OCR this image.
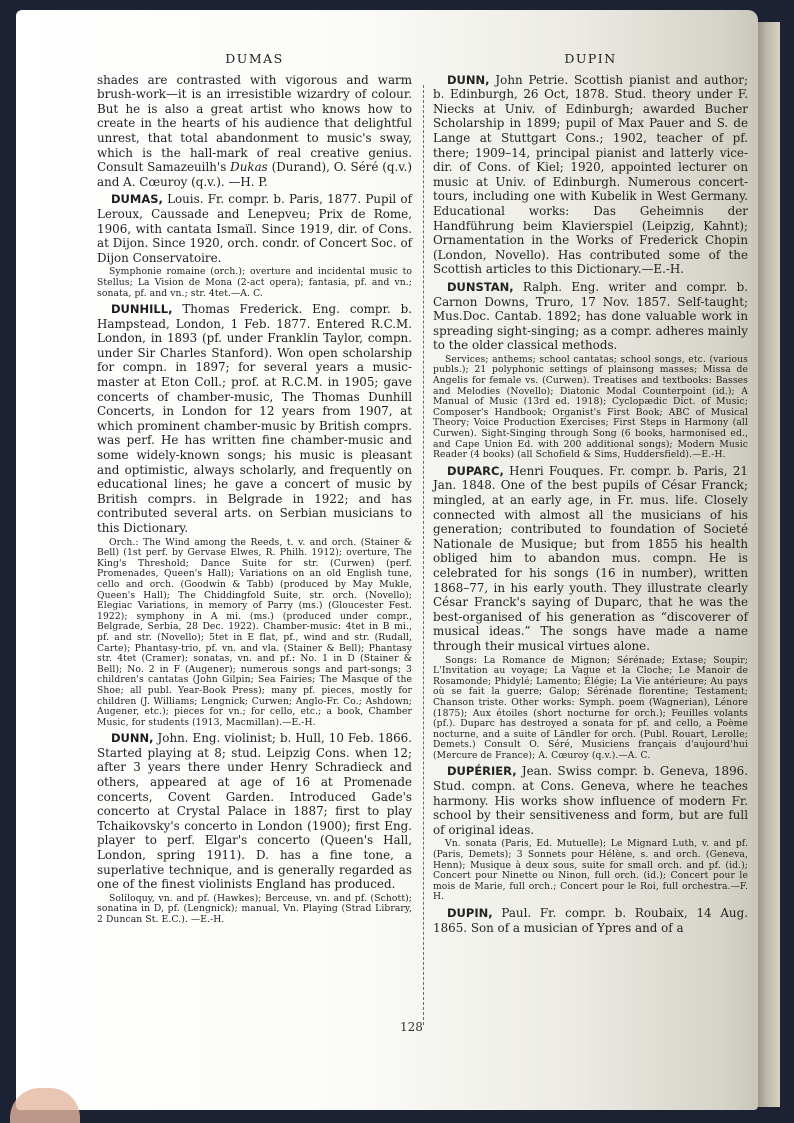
DUMAS

shades are contrasted with vigorous and warm brush-work—it is an irresistible wizardry of colour. But he is also a great artist who knows how to create in the hearts of his audience that delightful unrest, that total abandonment to music's sway, which is the hall-mark of real creative genius. Consult Samazeuilh's Dukas (Durand), O. Séré (q.v.) and A. Cœuroy (q.v.). —H. P.

DUMAS, Louis. Fr. compr. b. Paris, 1877. Pupil of Leroux, Caussade and Lenepveu; Prix de Rome, 1906, with cantata Ismaïl. Since 1919, dir. of Cons. at Dijon. Since 1920, orch. condr. of Concert Soc. of Dijon Conservatoire.

Symphonie romaine (orch.); overture and incidental music to Stellus; La Vision de Mona (2-act opera); fantasia, pf. and vn.; sonata, pf. and vn.; str. 4tet.—A. C.

DUNHILL, Thomas Frederick. Eng. compr. b. Hampstead, London, 1 Feb. 1877. Entered R.C.M. London, in 1893 (pf. under Franklin Taylor, compn. under Sir Charles Stanford). Won open scholarship for compn. in 1897; for several years a music-master at Eton Coll.; prof. at R.C.M. in 1905; gave concerts of chamber-music, The Thomas Dunhill Concerts, in London for 12 years from 1907, at which prominent chamber-music by British comprs. was perf. He has written fine chamber-music and some widely-known songs; his music is pleasant and optimistic, always scholarly, and frequently on educational lines; he gave a concert of music by British comprs. in Belgrade in 1922; and has contributed several arts. on Serbian musicians to this Dictionary.

Orch.: The Wind among the Reeds, t. v. and orch. (Stainer & Bell) (1st perf. by Gervase Elwes, R. Philh. 1912); overture, The King's Threshold; Dance Suite for str. (Curwen) (perf. Promenades, Queen's Hall); Variations on an old English tune, cello and orch. (Goodwin & Tabb) (produced by May Mukle, Queen's Hall); The Chiddingfold Suite, str. orch. (Novello); Elegiac Variations, in memory of Parry (ms.) (Gloucester Fest. 1922); symphony in A mi. (ms.) (produced under compr., Belgrade, Serbia, 28 Dec. 1922). Chamber-music: 4tet in B mi., pf. and str. (Novello); 5tet in E flat, pf., wind and str. (Rudall, Carte); Phantasy-trio, pf. vn. and vla. (Stainer & Bell); Phantasy str. 4tet (Cramer); sonatas, vn. and pf.: No. 1 in D (Stainer & Bell); No. 2 in F (Augener); numerous songs and part-songs; 3 children's cantatas (John Gilpin; Sea Fairies; The Masque of the Shoe; all publ. Year-Book Press); many pf. pieces, mostly for children (J. Williams; Lengnick; Curwen; Anglo-Fr. Co.; Ashdown; Augener, etc.); pieces for vn.; for cello, etc.; a book, Chamber Music, for students (1913, Macmillan).—E.-H.

DUNN, John. Eng. violinist; b. Hull, 10 Feb. 1866. Started playing at 8; stud. Leipzig Cons. when 12; after 3 years there under Henry Schradieck and others, appeared at age of 16 at Promenade concerts, Covent Garden. Introduced Gade's concerto at Crystal Palace in 1887; first to play Tchaikovsky's concerto in London (1900); first Eng. player to perf. Elgar's concerto (Queen's Hall, London, spring 1911). D. has a fine tone, a superlative technique, and is generally regarded as one of the finest violinists England has produced.

Soliloquy, vn. and pf. (Hawkes); Berceuse, vn. and pf. (Schott); sonatina in D, pf. (Lengnick); manual, Vn. Playing (Strad Library, 2 Duncan St. E.C.). —E.-H.

DUPIN

DUNN, John Petrie. Scottish pianist and author; b. Edinburgh, 26 Oct, 1878. Stud. theory under F. Niecks at Univ. of Edinburgh; awarded Bucher Scholarship in 1899; pupil of Max Pauer and S. de Lange at Stuttgart Cons.; 1902, teacher of pf. there; 1909–14, principal pianist and latterly vice-dir. of Cons. of Kiel; 1920, appointed lecturer on music at Univ. of Edinburgh. Numerous concert-tours, including one with Kubelik in West Germany. Educational works: Das Geheimnis der Handführung beim Klavierspiel (Leipzig, Kahnt); Ornamentation in the Works of Frederick Chopin (London, Novello). Has contributed some of the Scottish articles to this Dictionary.—E.-H.

DUNSTAN, Ralph. Eng. writer and compr. b. Carnon Downs, Truro, 17 Nov. 1857. Self-taught; Mus.Doc. Cantab. 1892; has done valuable work in spreading sight-singing; as a compr. adheres mainly to the older classical methods.

Services; anthems; school cantatas; school songs, etc. (various publs.); 21 polyphonic settings of plainsong masses; Missa de Angelis for female vs. (Curwen). Treatises and textbooks: Basses and Melodies (Novello); Diatonic Modal Counterpoint (id.); A Manual of Music (13rd ed. 1918); Cyclopædic Dict. of Music; Composer's Handbook; Organist's First Book; ABC of Musical Theory; Voice Production Exercises; First Steps in Harmony (all Curwen). Sight-Singing through Song (6 books, harmonised ed., and Cape Union Ed. with 200 additional songs); Modern Music Reader (4 books) (all Schofield & Sims, Huddersfield).—E.-H.

DUPARC, Henri Fouques. Fr. compr. b. Paris, 21 Jan. 1848. One of the best pupils of César Franck; mingled, at an early age, in Fr. mus. life. Closely connected with almost all the musicians of his generation; contributed to foundation of Societé Nationale de Musique; but from 1855 his health obliged him to abandon mus. compn. He is celebrated for his songs (16 in number), written 1868–77, in his early youth. They illustrate clearly César Franck's saying of Duparc, that he was the best-organised of his generation as “discoverer of musical ideas.” The songs have made a name through their musical virtues alone.

Songs: La Romance de Mignon; Sérénade; Extase; Soupir; L'Invitation au voyage; La Vague et la Cloche; Le Manoir de Rosamonde; Phidylé; Lamento; Élégie; La Vie antérieure; Au pays où se fait la guerre; Galop; Sérénade florentine; Testament; Chanson triste. Other works: Symph. poem (Wagnerian), Lénore (1875); Aux étoiles (short nocturne for orch.); Feuilles volants (pf.). Duparc has destroyed a sonata for pf. and cello, a Poème nocturne, and a suite of Ländler for orch. (Publ. Rouart, Lerolle; Demets.) Consult O. Séré, Musiciens français d'aujourd'hui (Mercure de France); A. Cœuroy (q.v.).—A. C.

DUPÉRIER, Jean. Swiss compr. b. Geneva, 1896. Stud. compn. at Cons. Geneva, where he teaches harmony. His works show influence of modern Fr. school by their sensitiveness and form, but are full of original ideas.

Vn. sonata (Paris, Ed. Mutuelle); Le Mignard Luth, v. and pf. (Paris, Demets); 3 Sonnets pour Hélène, s. and orch. (Geneva, Henn); Musique à deux sous, suite for small orch. and pf. (id.); Concert pour Ninette ou Ninon, full orch. (id.); Concert pour le mois de Marie, full orch.; Concert pour le Roi, full orchestra.—F. H.

DUPIN, Paul. Fr. compr. b. Roubaix, 14 Aug. 1865. Son of a musician of Ypres and of a

128
